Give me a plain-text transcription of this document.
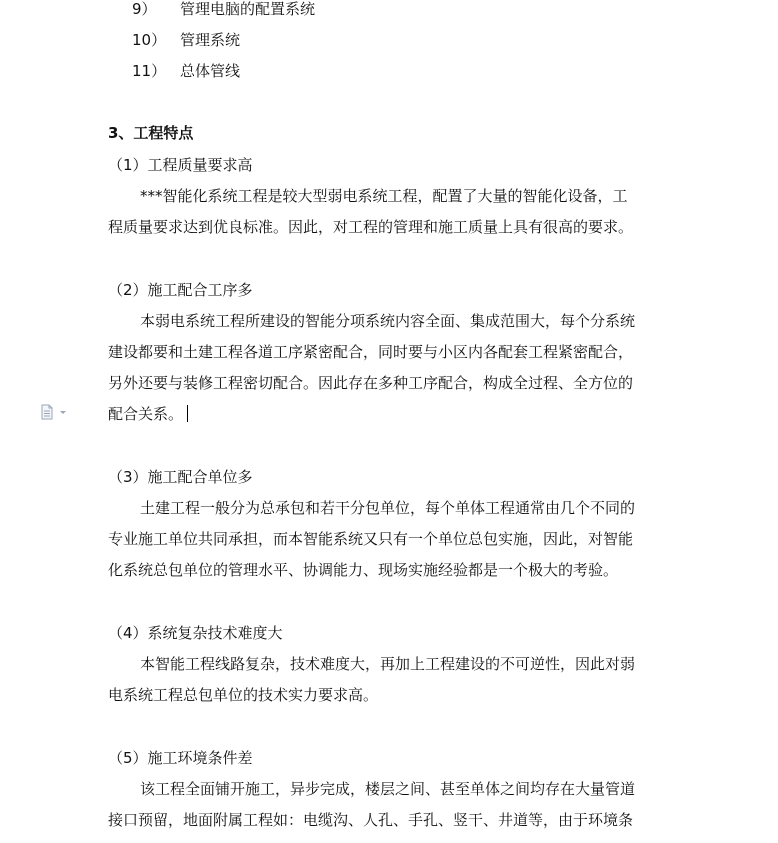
9） 管理电脑的配置系统
10） 管理系统
11） 总体管线
3、工程特点
（1）工程质量要求高
***智能化系统工程是较大型弱电系统工程，配置了大量的智能化设备，工
程质量要求达到优良标准。因此，对工程的管理和施工质量上具有很高的要求。
（2）施工配合工序多
本弱电系统工程所建设的智能分项系统内容全面、集成范围大，每个分系统
建设都要和土建工程各道工序紧密配合，同时要与小区内各配套工程紧密配合，
另外还要与装修工程密切配合。因此存在多种工序配合，构成全过程、全方位的
配合关系。
（3）施工配合单位多
土建工程一般分为总承包和若干分包单位，每个单体工程通常由几个不同的
专业施工单位共同承担，而本智能系统又只有一个单位总包实施，因此，对智能
化系统总包单位的管理水平、协调能力、现场实施经验都是一个极大的考验。
（4）系统复杂技术难度大
本智能工程线路复杂，技术难度大，再加上工程建设的不可逆性，因此对弱
电系统工程总包单位的技术实力要求高。
（5）施工环境条件差
该工程全面铺开施工，异步完成，楼层之间、甚至单体之间均存在大量管道
接口预留，地面附属工程如：电缆沟、人孔、手孔、竖干、井道等，由于环境条
